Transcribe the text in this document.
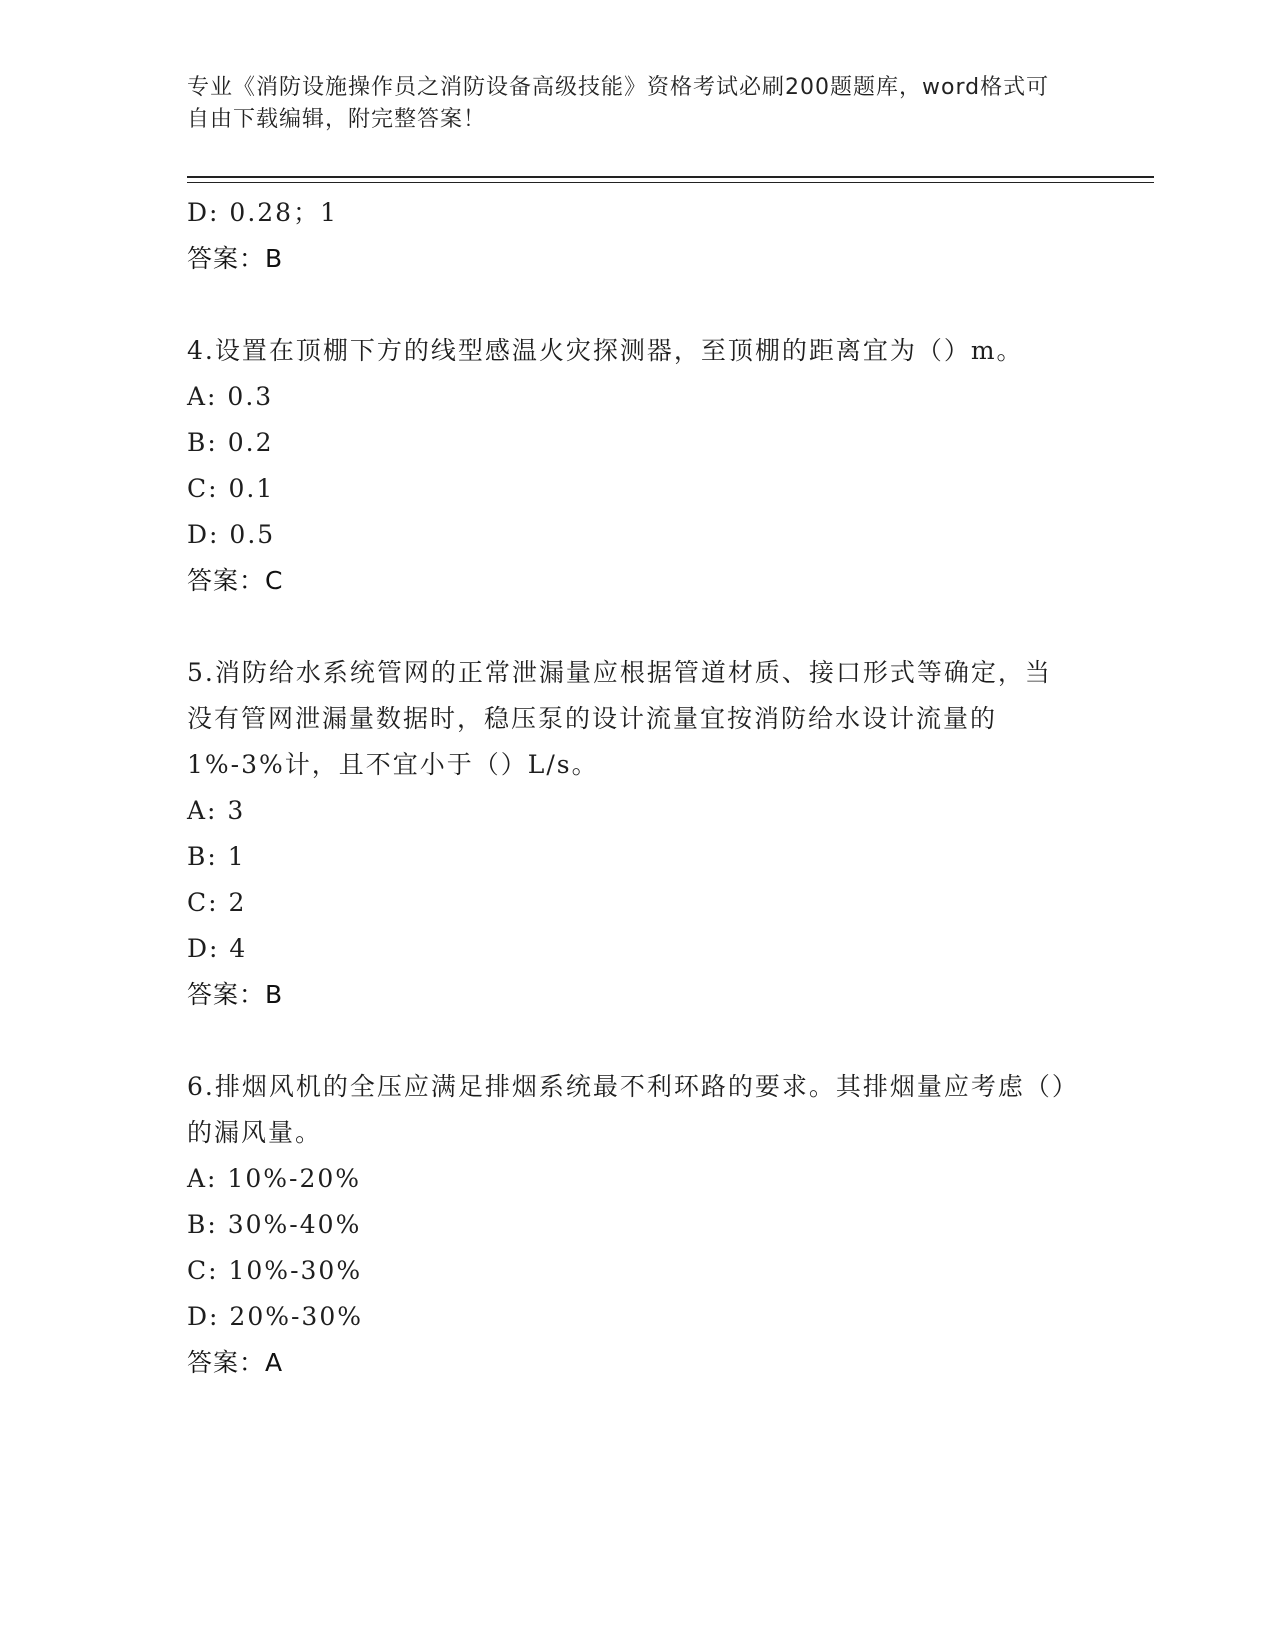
专业《消防设施操作员之消防设备高级技能》资格考试必刷200题题库，word格式可自由下载编辑，附完整答案！
D: 0.28；1
答案：B
4.设置在顶棚下方的线型感温火灾探测器，至顶棚的距离宜为（）m。
A: 0.3
B: 0.2
C: 0.1
D: 0.5
答案：C
5.消防给水系统管网的正常泄漏量应根据管道材质、接口形式等确定，当没有管网泄漏量数据时，稳压泵的设计流量宜按消防给水设计流量的1%-3%计，且不宜小于（）L/s。
A: 3
B: 1
C: 2
D: 4
答案：B
6.排烟风机的全压应满足排烟系统最不利环路的要求。其排烟量应考虑（）的漏风量。
A: 10%-20%
B: 30%-40%
C: 10%-30%
D: 20%-30%
答案：A
